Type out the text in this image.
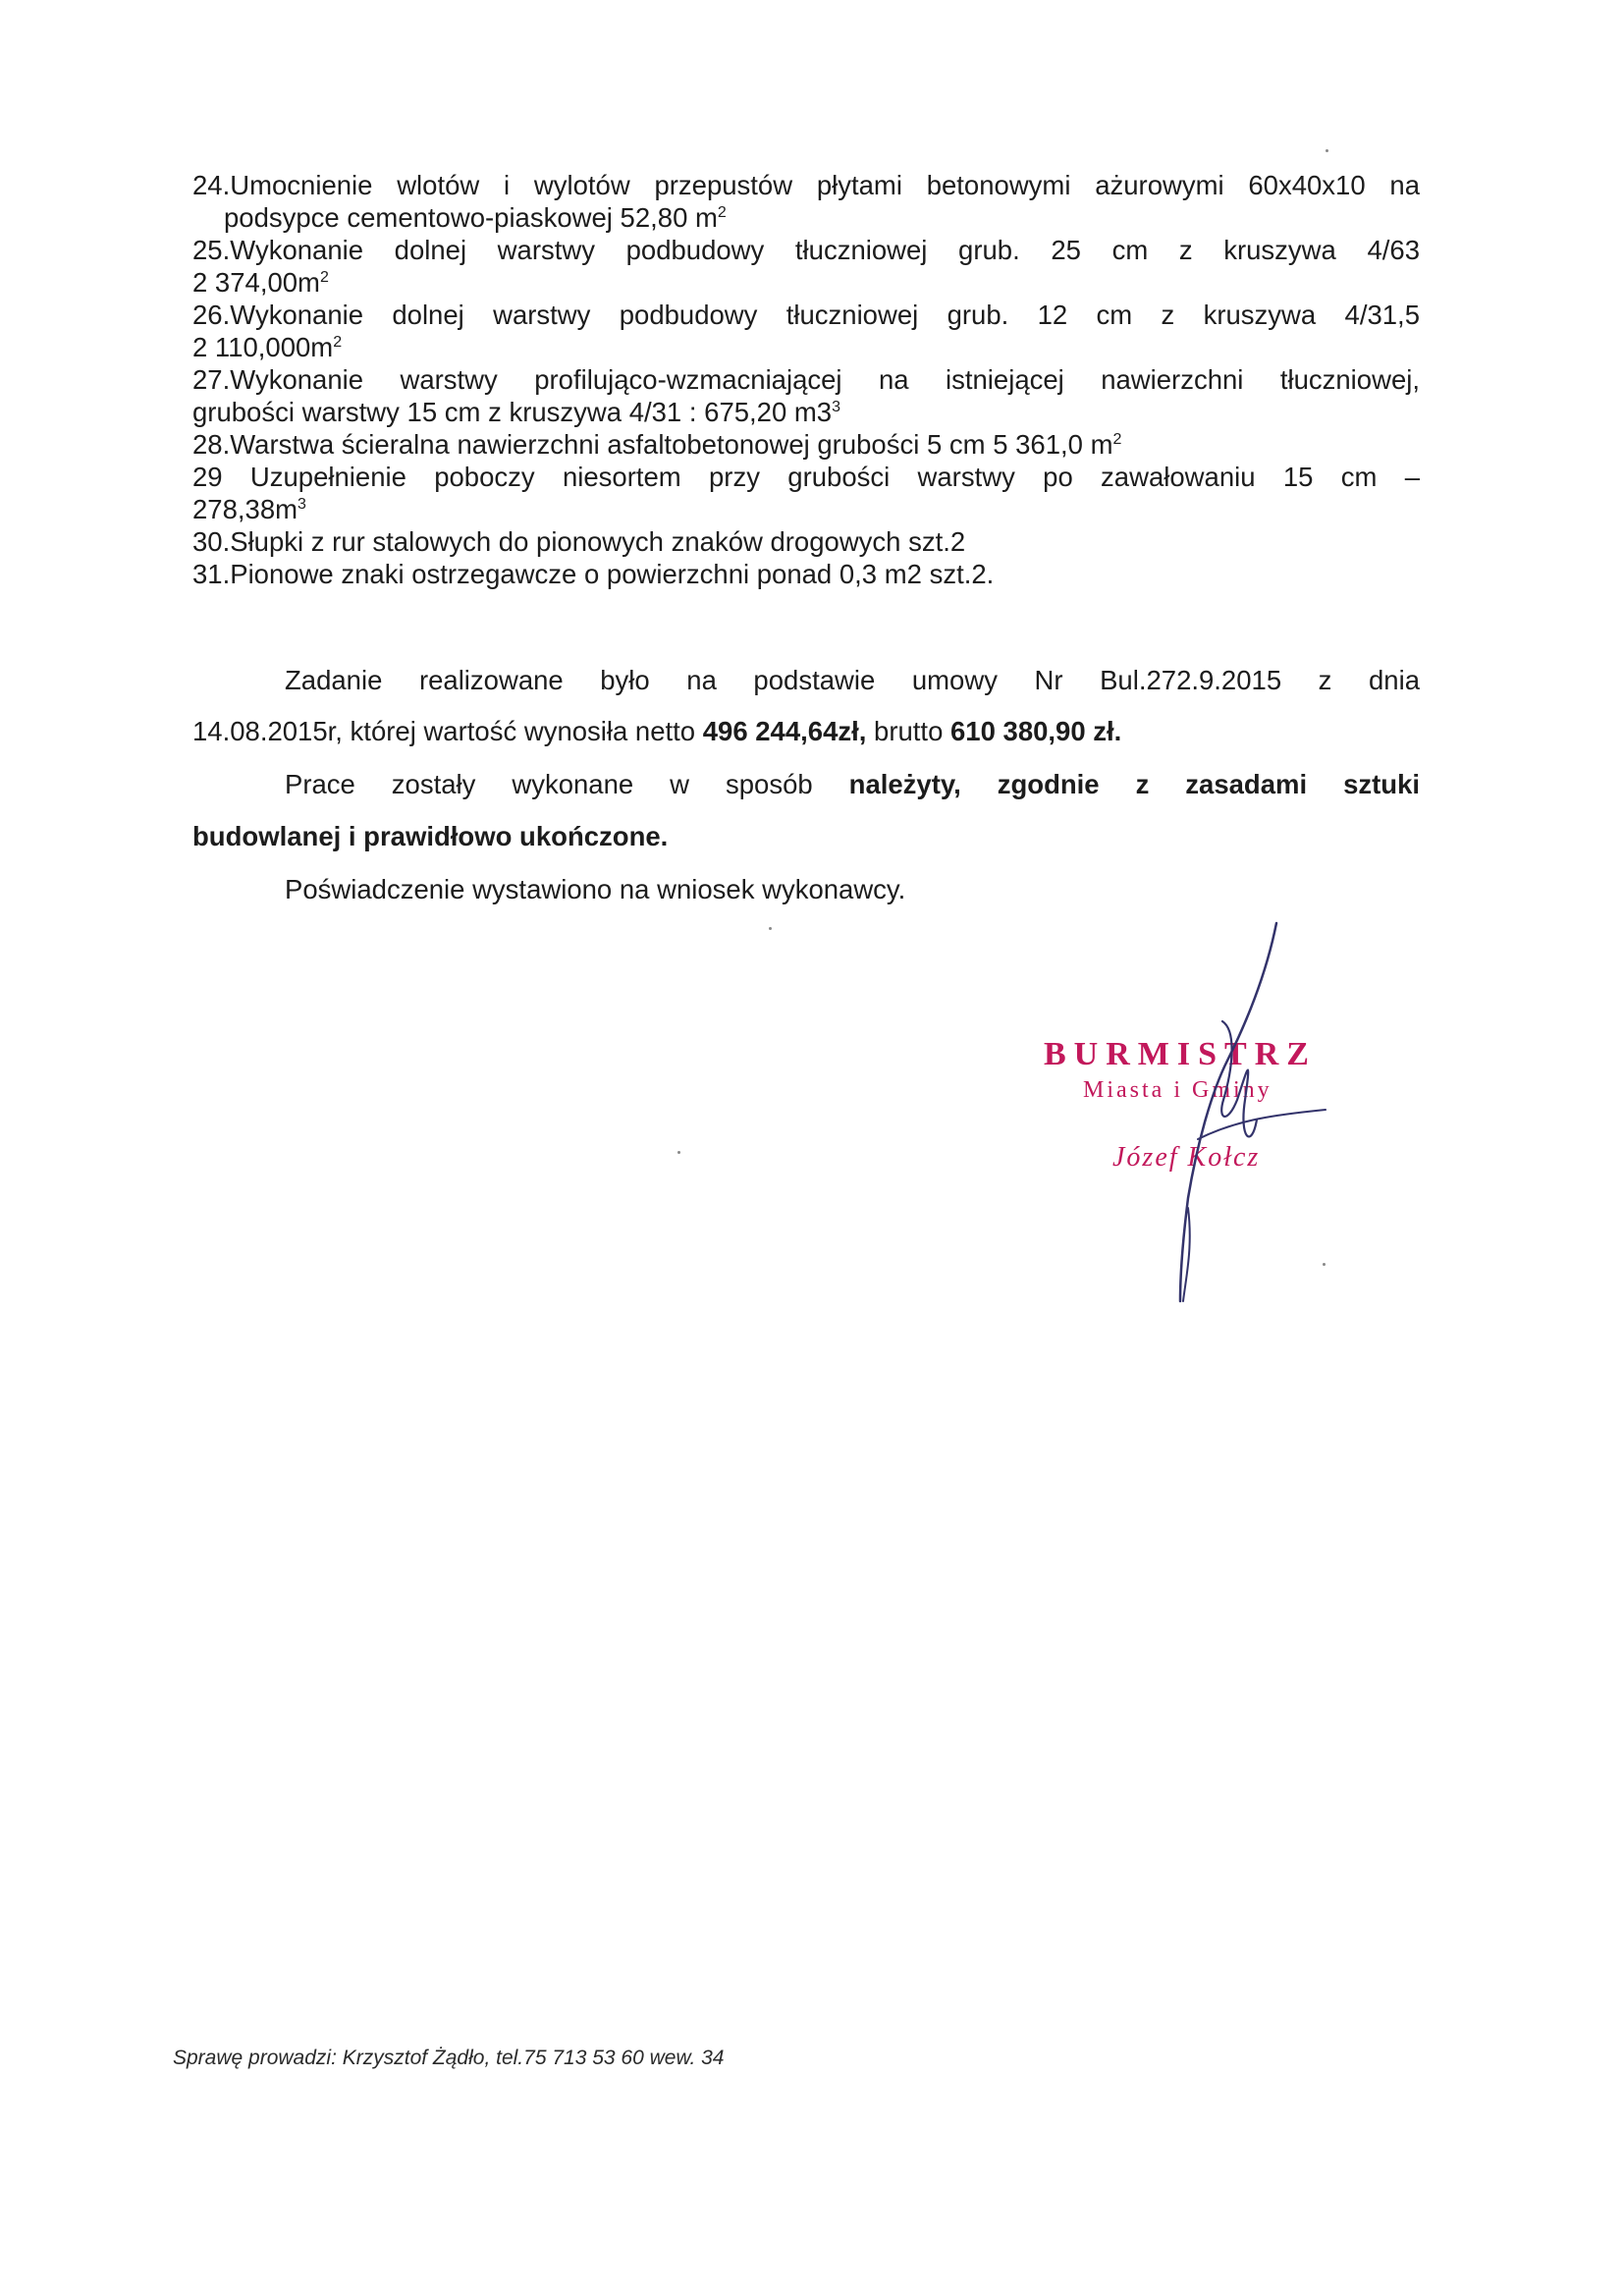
24.Umocnienie wlotów i wylotów przepustów płytami betonowymi ażurowymi 60x40x10 na
podsypce cementowo-piaskowej 52,80 $m^2$
25.Wykonanie dolnej warstwy podbudowy tłuczniowej grub. 25 cm z kruszywa 4/63
2 $374,00m^2$
26.Wykonanie dolnej warstwy podbudowy tłuczniowej grub. 12 cm z kruszywa 4/31,5
2 $110,000m^2$
27.Wykonanie warstwy profilująco-wzmacniającej na istniejącej nawierzchni tłuczniowej,
grubości warstwy 15 cm z kruszywa 4/31 : 675,20 $m3^3$
28.Warstwa ścieralna nawierzchni asfaltobetonowej grubości 5 cm 5 361,0 $m^2$
29 Uzupełnienie poboczy niesortem przy grubości warstwy po zawałowaniu 15 cm –
$278,38m^3$
30.Słupki z rur stalowych do pionowych znaków drogowych szt.2
31.Pionowe znaki ostrzegawcze o powierzchni ponad 0,3 m2 szt.2.
Zadanie realizowane było na podstawie umowy Nr Bul.272.9.2015 z dnia
14.08.2015r, której wartość wynosiła netto 496 244,64zł, brutto 610 380,90 zł.
Prace zostały wykonane w sposób należyty, zgodnie z zasadami sztuki
budowlanej i prawidłowo ukończone.
Poświadczenie wystawiono na wniosek wykonawcy.
BURMISTRZ
Miasta i Gminy
Józef Kołcz
Sprawę prowadzi: Krzysztof Żądło, tel.75 713 53 60 wew. 34
